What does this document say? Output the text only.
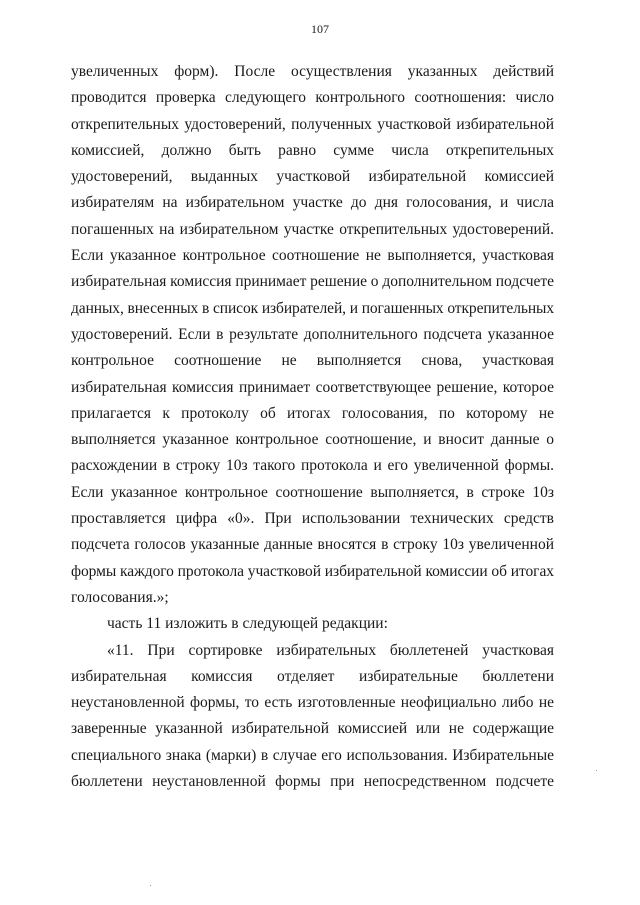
107

увеличенных форм). После осуществления указанных действий
проводится проверка следующего контрольного соотношения: число
открепительных удостоверений, полученных участковой избирательной
комиссией, должно быть равно сумме числа открепительных
удостоверений, выданных участковой избирательной комиссией
избирателям на избирательном участке до дня голосования, и числа
погашенных на избирательном участке открепительных удостоверений.
Если указанное контрольное соотношение не выполняется, участковая
избирательная комиссия принимает решение о дополнительном подсчете
данных, внесенных в список избирателей, и погашенных открепительных
удостоверений. Если в результате дополнительного подсчета указанное
контрольное соотношение не выполняется снова, участковая
избирательная комиссия принимает соответствующее решение, которое
прилагается к протоколу об итогах голосования, по которому не
выполняется указанное контрольное соотношение, и вносит данные о
расхождении в строку 10з такого протокола и его увеличенной формы.
Если указанное контрольное соотношение выполняется, в строке 10з
проставляется цифра «0». При использовании технических средств
подсчета голосов указанные данные вносятся в строку 10з увеличенной
формы каждого протокола участковой избирательной комиссии об итогах
голосования.»;

часть 11 изложить в следующей редакции:

«11. При сортировке избирательных бюллетеней участковая
избирательная комиссия отделяет избирательные бюллетени
неустановленной формы, то есть изготовленные неофициально либо не
заверенные указанной избирательной комиссией или не содержащие
специального знака (марки) в случае его использования. Избирательные
бюллетени неустановленной формы при непосредственном подсчете
